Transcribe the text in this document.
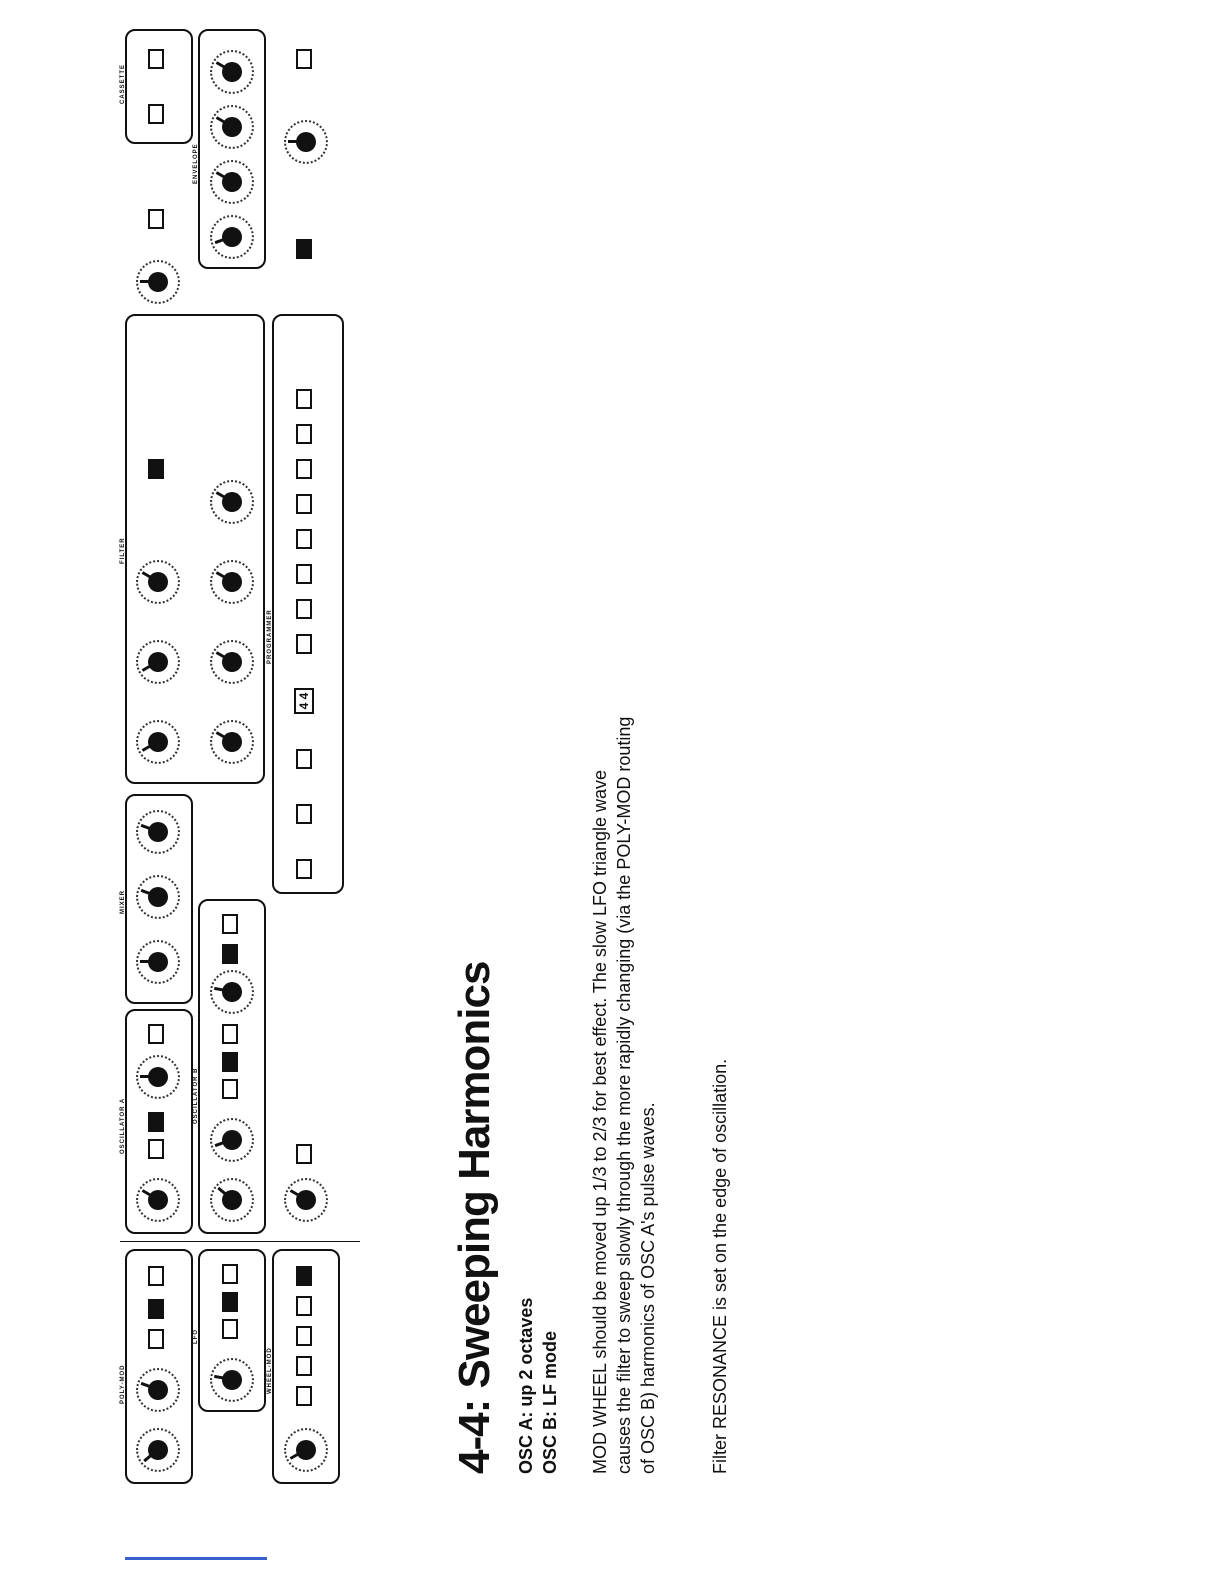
POLY-MOD
LFO
WHEEL-MOD
OSCILLATOR A
OSCILLATOR B
MIXER
PROGRAMMER
4 4
FILTER
ENVELOPE
CASSETTE
4-4: Sweeping Harmonics OSC A: up 2 octaves OSC B: LF mode MOD WHEEL should be moved up 1/3 to 2/3 for best effect. The slow LFO triangle wave causes the filter to sweep slowly through the more rapidly changing (via the POLY-MOD routing of OSC B) harmonics of OSC A's pulse waves.	Filter RESONANCE is set on the edge of oscillation.
